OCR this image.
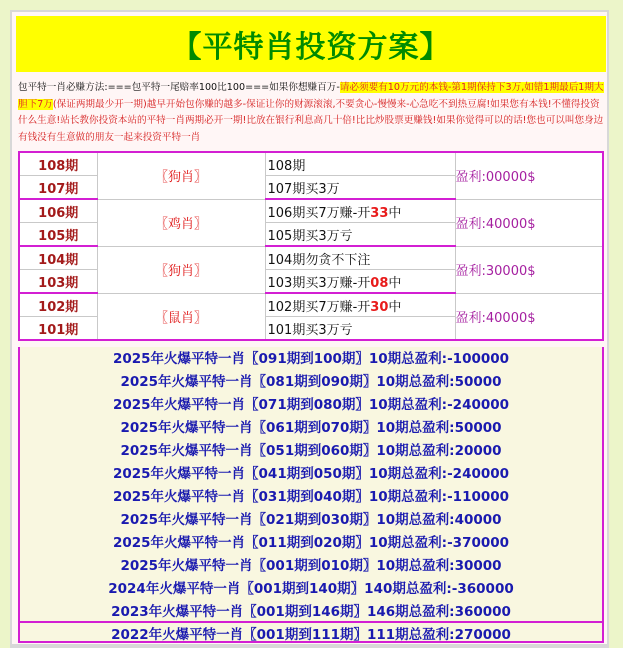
【平特肖投资方案】
包平特一肖必赚方法:===包平特一尾赔率100比100===如果你想赚百万-请必须要有10万元的本钱-第1期保持下3万,如错1期最后1期大胆下7万(保证两期最少开一期)越早开始包你赚的越多-保证让你的财源滚滚,不要贪心-慢慢来-心急吃不到热豆腐!如果您有本钱!不懂得投资什么生意!站长教你投资本站的平特一肖两期必开一期!比放在银行利息高几十倍!比比炒股票更赚钱!如果你觉得可以的话!您也可以叫您身边有钱没有生意做的朋友一起来投资平特一肖
108期	〖狗肖〗	108期	盈利:00000$
107期		107期买3万	
106期	〖鸡肖〗	106期买7万赚-开33中	盈利:40000$
105期		105期买3万亏	
104期	〖狗肖〗	104期勿贪不下注	盈利:30000$
103期		103期买3万赚-开08中	
102期	〖鼠肖〗	102期买7万赚-开30中	盈利:40000$
101期		101期买3万亏	
2025年火爆平特一肖〖091期到100期〗10期总盈利:-100000
2025年火爆平特一肖〖081期到090期〗10期总盈利:50000
2025年火爆平特一肖〖071期到080期〗10期总盈利:-240000
2025年火爆平特一肖〖061期到070期〗10期总盈利:50000
2025年火爆平特一肖〖051期到060期〗10期总盈利:20000
2025年火爆平特一肖〖041期到050期〗10期总盈利:-240000
2025年火爆平特一肖〖031期到040期〗10期总盈利:-110000
2025年火爆平特一肖〖021期到030期〗10期总盈利:40000
2025年火爆平特一肖〖011期到020期〗10期总盈利:-370000
2025年火爆平特一肖〖001期到010期〗10期总盈利:30000
2024年火爆平特一肖〖001期到140期〗140期总盈利:-360000
2023年火爆平特一肖〖001期到146期〗146期总盈利:360000
2022年火爆平特一肖〖001期到111期〗111期总盈利:270000
